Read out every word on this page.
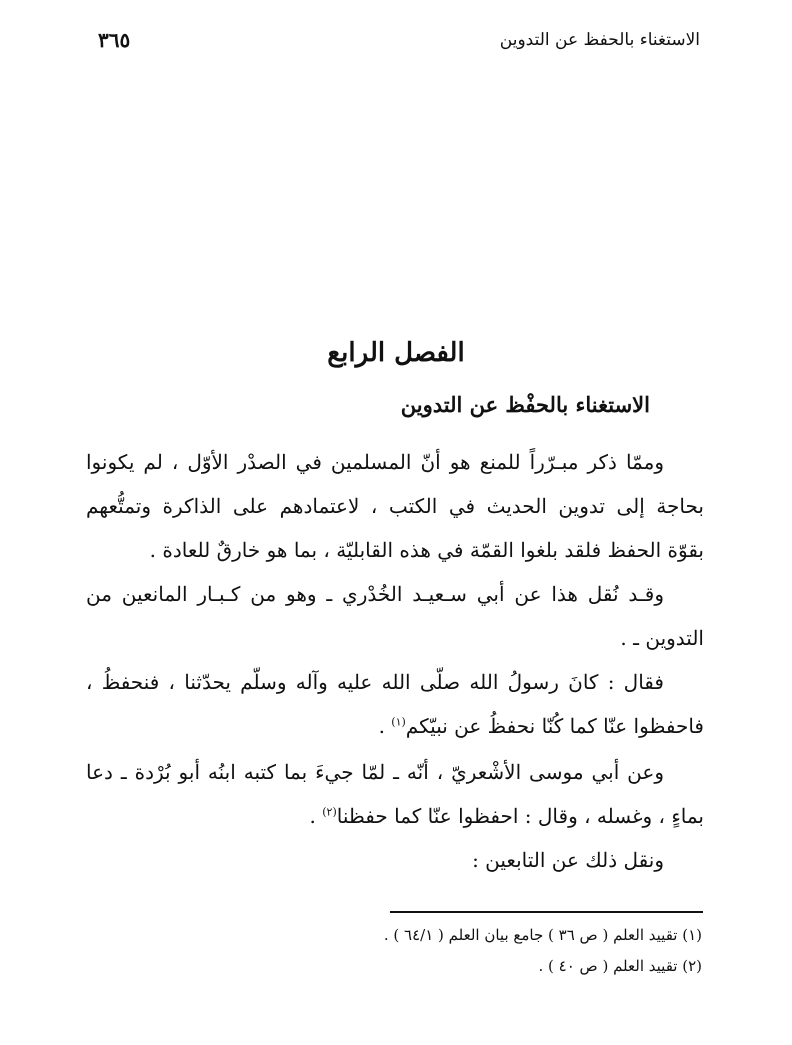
الاستغناء بالحفظ عن التدوين
٣٦٥
الفصل الرابع
الاستغناء بالحفْظ عن التدوين
وممّا ذكر مبـرّراً للمنع هو أنّ المسلمين في الصدْر الأوّل ، لم يكونوا
بحاجة إلى تدوين الحديث في الكتب ، لاعتمادهم على الذاكرة وتمتُّعهم
بقوّة الحفظ فلقد بلغوا القمّة في هذه القابليّة ، بما هو خارقٌ للعادة .
وقـد نُقل هذا عن أبي سـعيـد الخُدْري ـ وهو من كـبـار المانعين من
التدوين ـ .
فقال : كانَ رسولُ الله صلّى الله عليه وآله وسلّم يحدّثنا ، فنحفظُ ،
فاحفظوا عنّا كما كُنّا نحفظُ عن نبيّكم$^{(١)}$ .
وعن أبي موسى الأشْعريّ ، أنّه ـ لمّا جيءَ بما كتبه ابنُه أبو بُرْدة ـ دعا
بماءٍ ، وغسله ، وقال : احفظوا عنّا كما حفظنا$^{(٢)}$ .
ونقل ذلك عن التابعين :
(١) تقييد العلم ( ص ٣٦ ) جامع بيان العلم ( ٦٤/١ ) .
(٢) تقييد العلم ( ص ٤٠ ) .
